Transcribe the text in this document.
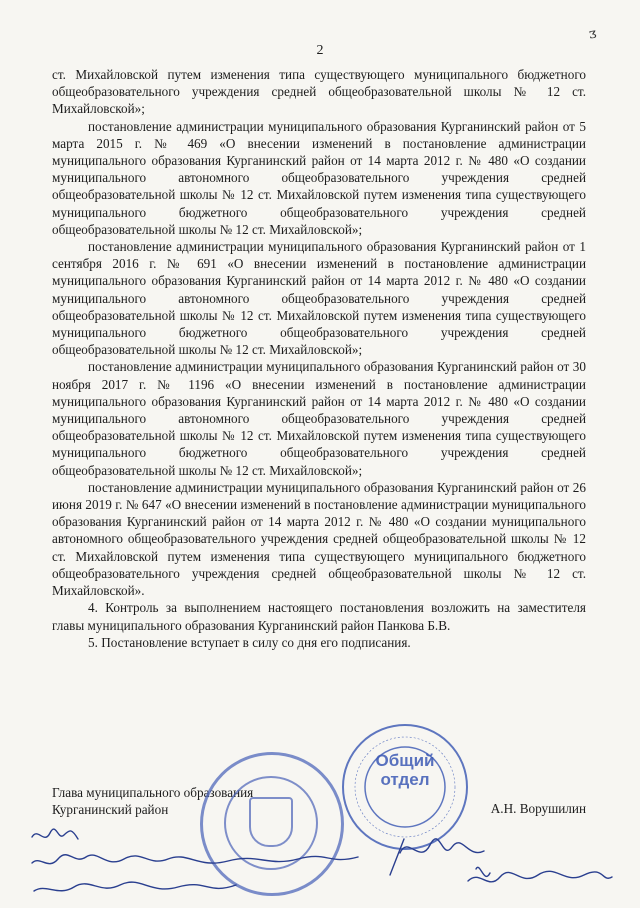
2
ᴣ

ст. Михайловской путем изменения типа существующего муниципального бюджетного общеобразовательного учреждения средней общеобразовательной школы № 12 ст. Михайловской»;

постановление администрации муниципального образования Курганинский район от 5 марта 2015 г. № 469 «О внесении изменений в постановление администрации муниципального образования Курганинский район от 14 марта 2012 г. № 480 «О создании муниципального автономного общеобразовательного учреждения средней общеобразовательной школы № 12 ст. Михайловской путем изменения типа существующего муниципального бюджетного общеобразовательного учреждения средней общеобразовательной школы № 12 ст. Михайловской»;

постановление администрации муниципального образования Курганинский район от 1 сентября 2016 г. № 691 «О внесении изменений в постановление администрации муниципального образования Курганинский район от 14 марта 2012 г. № 480 «О создании муниципального автономного общеобразовательного учреждения средней общеобразовательной школы № 12 ст. Михайловской путем изменения типа существующего муниципального бюджетного общеобразовательного учреждения средней общеобразовательной школы № 12 ст. Михайловской»;

постановление администрации муниципального образования Курганинский район от 30 ноября 2017 г. № 1196 «О внесении изменений в постановление администрации муниципального образования Курганинский район от 14 марта 2012 г. № 480 «О создании муниципального автономного общеобразовательного учреждения средней общеобразовательной школы № 12 ст. Михайловской путем изменения типа существующего муниципального бюджетного общеобразовательного учреждения средней общеобразовательной школы № 12 ст. Михайловской»;

постановление администрации муниципального образования Курганинский район от 26 июня 2019 г. № 647 «О внесении изменений в постановление администрации муниципального образования Курганинский район от 14 марта 2012 г. № 480 «О создании муниципального автономного общеобразовательного учреждения средней общеобразовательной школы № 12 ст. Михайловской путем изменения типа существующего муниципального бюджетного общеобразовательного учреждения средней общеобразовательной школы № 12 ст. Михайловской».

4. Контроль за выполнением настоящего постановления возложить на заместителя главы муниципального образования Курганинский район Панкова Б.В.

5. Постановление вступает в силу со дня его подписания.

Глава муниципального образования
Курганинский район	А.Н. Ворушилин
Общий отдел
